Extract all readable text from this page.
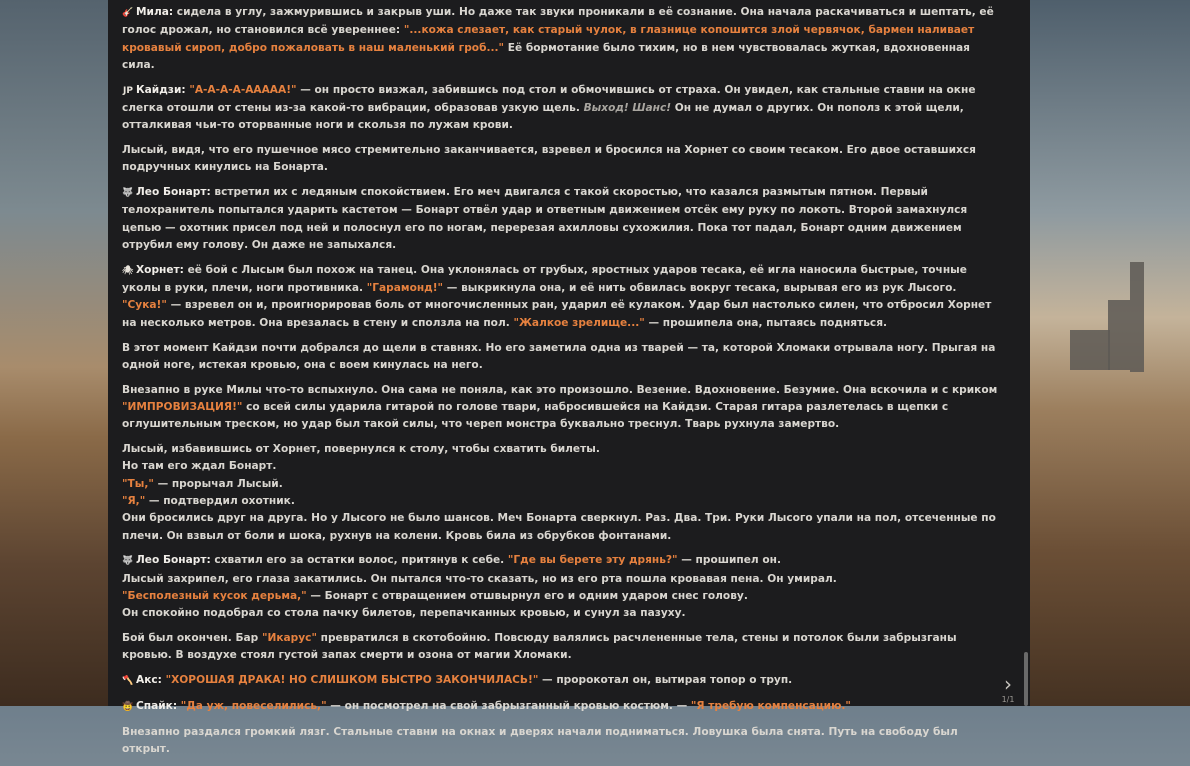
🎸 Мила: сидела в углу, зажмурившись и закрыв уши. Но даже так звуки проникали в её сознание. Она начала раскачиваться и шептать, её голос дрожал, но становился всё увереннее: "...кожа слезает, как старый чулок, в глазнице копошится злой червячок, бармен наливает кровавый сироп, добро пожаловать в наш маленький гроб..." Её бормотание было тихим, но в нем чувствовалась жуткая, вдохновенная сила.

JP Кайдзи: "А-А-А-А-ААААА!" — он просто визжал, забившись под стол и обмочившись от страха. Он увидел, как стальные ставни на окне слегка отошли от стены из-за какой-то вибрации, образовав узкую щель. Выход! Шанс! Он не думал о других. Он пополз к этой щели, отталкивая чьи-то оторванные ноги и скользя по лужам крови.

Лысый, видя, что его пушечное мясо стремительно заканчивается, взревел и бросился на Хорнет со своим тесаком. Его двое оставшихся подручных кинулись на Бонарта.

🐺 Лео Бонарт: встретил их с ледяным спокойствием. Его меч двигался с такой скоростью, что казался размытым пятном. Первый телохранитель попытался ударить кастетом — Бонарт отвёл удар и ответным движением отсёк ему руку по локоть. Второй замахнулся цепью — охотник присел под ней и полоснул его по ногам, перерезая ахилловы сухожилия. Пока тот падал, Бонарт одним движением отрубил ему голову. Он даже не запыхался.

🕷 Хорнет: её бой с Лысым был похож на танец. Она уклонялась от грубых, яростных ударов тесака, её игла наносила быстрые, точные уколы в руки, плечи, ноги противника. "Гарамонд!" — выкрикнула она, и её нить обвилась вокруг тесака, вырывая его из рук Лысого.
"Сука!" — взревел он и, проигнорировав боль от многочисленных ран, ударил её кулаком. Удар был настолько силен, что отбросил Хорнет на несколько метров. Она врезалась в стену и сползла на пол. "Жалкое зрелище..." — прошипела она, пытаясь подняться.

В этот момент Кайдзи почти добрался до щели в ставнях. Но его заметила одна из тварей — та, которой Хломаки отрывала ногу. Прыгая на одной ноге, истекая кровью, она с воем кинулась на него.

Внезапно в руке Милы что-то вспыхнуло. Она сама не поняла, как это произошло. Везение. Вдохновение. Безумие. Она вскочила и с криком "ИМПРОВИЗАЦИЯ!" со всей силы ударила гитарой по голове твари, набросившейся на Кайдзи. Старая гитара разлетелась в щепки с оглушительным треском, но удар был такой силы, что череп монстра буквально треснул. Тварь рухнула замертво.

Лысый, избавившись от Хорнет, повернулся к столу, чтобы схватить билеты.
Но там его ждал Бонарт.
"Ты," — прорычал Лысый.
"Я," — подтвердил охотник.
Они бросились друг на друга. Но у Лысого не было шансов. Меч Бонарта сверкнул. Раз. Два. Три. Руки Лысого упали на пол, отсеченные по плечи. Он взвыл от боли и шока, рухнув на колени. Кровь била из обрубков фонтанами.

🐺 Лео Бонарт: схватил его за остатки волос, притянув к себе. "Где вы берете эту дрянь?" — прошипел он.
Лысый захрипел, его глаза закатились. Он пытался что-то сказать, но из его рта пошла кровавая пена. Он умирал.
"Бесполезный кусок дерьма," — Бонарт с отвращением отшвырнул его и одним ударом снес голову.
Он спокойно подобрал со стола пачку билетов, перепачканных кровью, и сунул за пазуху.

Бой был окончен. Бар "Икарус" превратился в скотобойню. Повсюду валялись расчлененные тела, стены и потолок были забрызганы кровью. В воздухе стоял густой запах смерти и озона от магии Хломаки.

🪓 Акс: "ХОРОШАЯ ДРАКА! НО СЛИШКОМ БЫСТРО ЗАКОНЧИЛАСЬ!" — пророкотал он, вытирая топор о труп.

🤠 Спайк: "Да уж, повеселились," — он посмотрел на свой забрызганный кровью костюм. — "Я требую компенсацию."

Внезапно раздался громкий лязг. Стальные ставни на окнах и дверях начали подниматься. Ловушка была снята. Путь на свободу был открыт.

›
1/1
